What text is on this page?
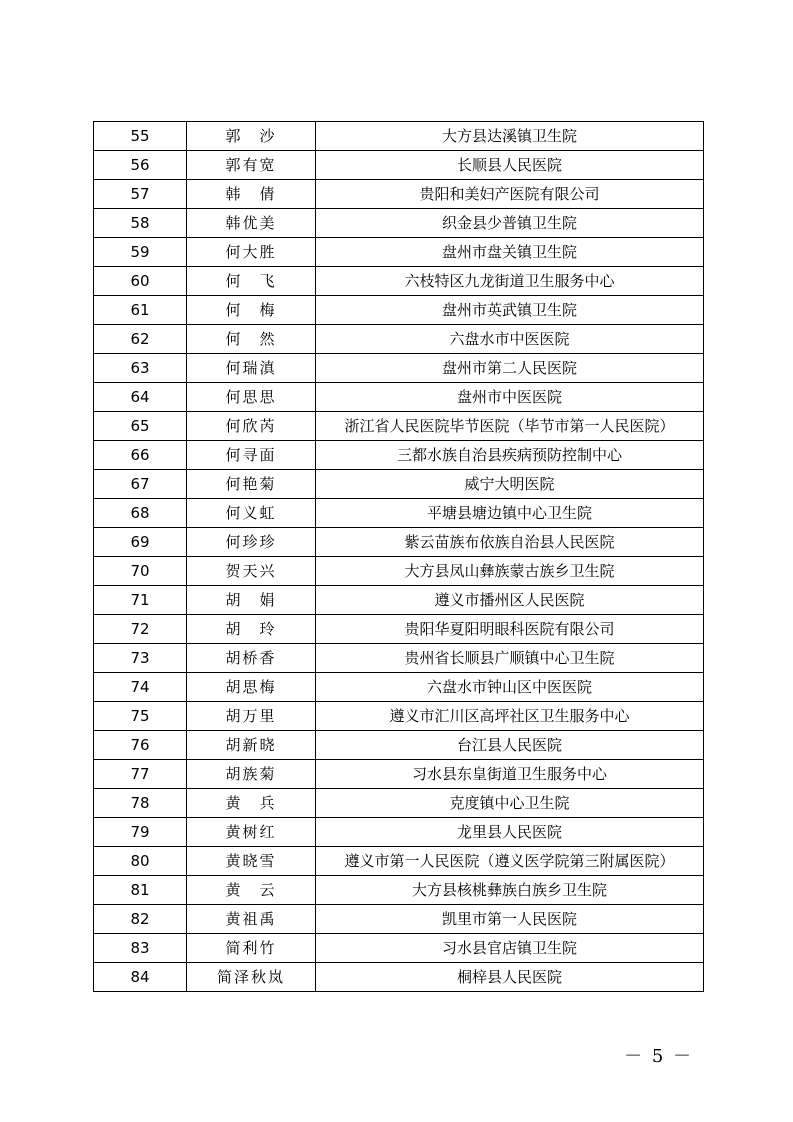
55	郭　沙	大方县达溪镇卫生院
56	郭有宽	长顺县人民医院
57	韩　倩	贵阳和美妇产医院有限公司
58	韩优美	织金县少普镇卫生院
59	何大胜	盘州市盘关镇卫生院
60	何　飞	六枝特区九龙街道卫生服务中心
61	何　梅	盘州市英武镇卫生院
62	何　然	六盘水市中医医院
63	何瑞滇	盘州市第二人民医院
64	何思思	盘州市中医医院
65	何欣芮	浙江省人民医院毕节医院（毕节市第一人民医院）
66	何寻面	三都水族自治县疾病预防控制中心
67	何艳菊	威宁大明医院
68	何义虹	平塘县塘边镇中心卫生院
69	何珍珍	紫云苗族布依族自治县人民医院
70	贺天兴	大方县凤山彝族蒙古族乡卫生院
71	胡　娟	遵义市播州区人民医院
72	胡　玲	贵阳华夏阳明眼科医院有限公司
73	胡桥香	贵州省长顺县广顺镇中心卫生院
74	胡思梅	六盘水市钟山区中医医院
75	胡万里	遵义市汇川区高坪社区卫生服务中心
76	胡新晓	台江县人民医院
77	胡族菊	习水县东皇街道卫生服务中心
78	黄　兵	克度镇中心卫生院
79	黄树红	龙里县人民医院
80	黄晓雪	遵义市第一人民医院（遵义医学院第三附属医院）
81	黄　云	大方县核桃彝族白族乡卫生院
82	黄祖禹	凯里市第一人民医院
83	简利竹	习水县官店镇卫生院
84	简泽秋岚	桐梓县人民医院
－ 5 －
